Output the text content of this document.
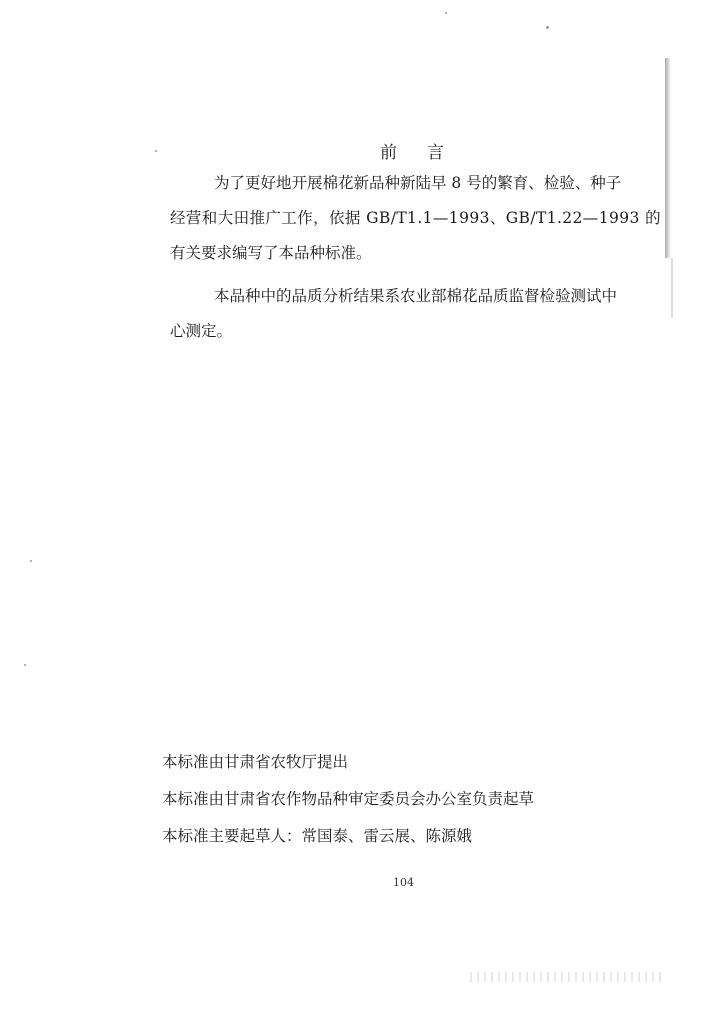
前言
为了更好地开展棉花新品种新陆早 8 号的繁育、检验、种子
经营和大田推广工作，依据 GB/T1.1—1993、GB/T1.22—1993 的
有关要求编写了本品种标准。
本品种中的品质分析结果系农业部棉花品质监督检验测试中
心测定。
本标准由甘肃省农牧厅提出
本标准由甘肃省农作物品种审定委员会办公室负责起草
本标准主要起草人：常国泰、雷云展、陈源娥
104
